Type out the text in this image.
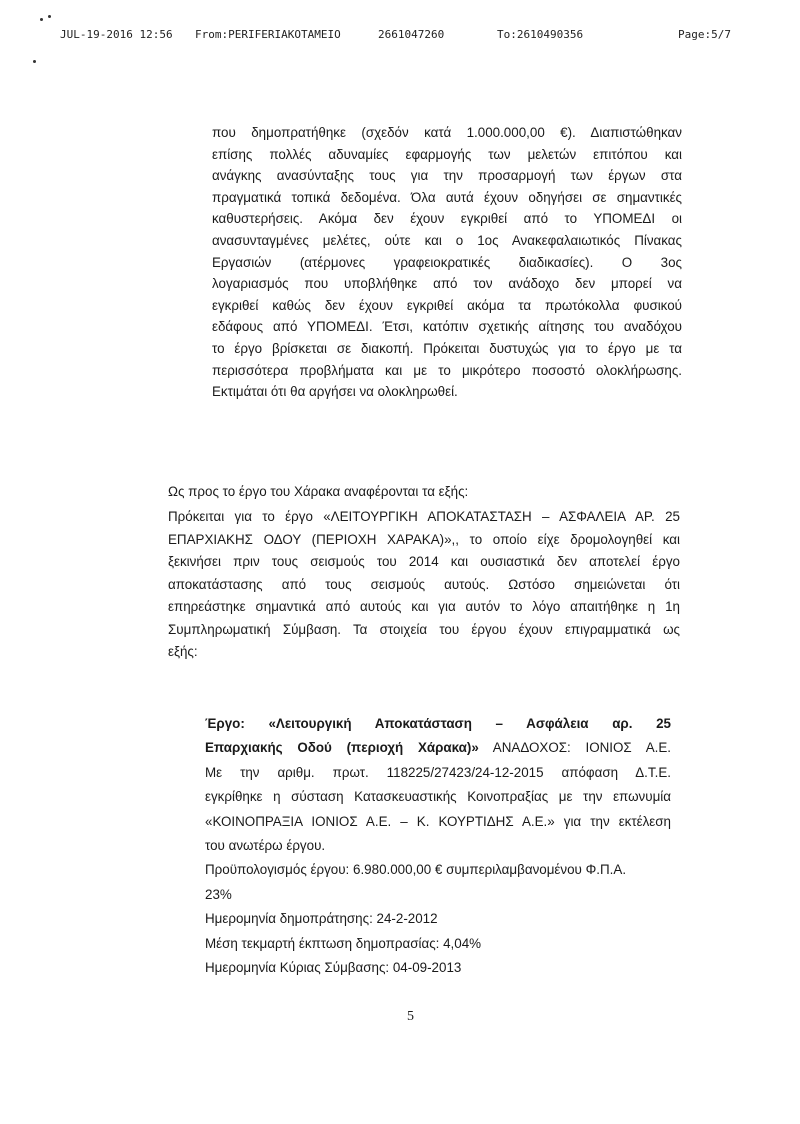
JUL-19-2016 12:56 From:PERIFERIAKOTAMEIO	2661047260	To:2610490356	Page:5/7
που δημοπρατήθηκε (σχεδόν κατά 1.000.000,00 €). Διαπιστώθηκαν
επίσης πολλές αδυναμίες εφαρμογής των μελετών επιτόπου και
ανάγκης ανασύνταξης τους για την προσαρμογή των έργων στα
πραγματικά τοπικά δεδομένα. Όλα αυτά έχουν οδηγήσει σε σημαντικές
καθυστερήσεις. Ακόμα δεν έχουν εγκριθεί από το ΥΠΟΜΕΔΙ οι
ανασυνταγμένες μελέτες, ούτε και ο 1ος Ανακεφαλαιωτικός Πίνακας
Εργασιών (ατέρμονες γραφειοκρατικές διαδικασίες). Ο 3ος
λογαριασμός που υποβλήθηκε από τον ανάδοχο δεν μπορεί να
εγκριθεί καθώς δεν έχουν εγκριθεί ακόμα τα πρωτόκολλα φυσικού
εδάφους από ΥΠΟΜΕΔΙ. Έτσι, κατόπιν σχετικής αίτησης του αναδόχου
το έργο βρίσκεται σε διακοπή. Πρόκειται δυστυχώς για το έργο με τα
περισσότερα προβλήματα και με το μικρότερο ποσοστό ολοκλήρωσης.
Εκτιμάται ότι θα αργήσει να ολοκληρωθεί.
Ως προς το έργο του Χάρακα αναφέρονται τα εξής:
Πρόκειται για το έργο «ΛΕΙΤΟΥΡΓΙΚΗ ΑΠΟΚΑΤΑΣΤΑΣΗ – ΑΣΦΑΛΕΙΑ ΑΡ. 25
ΕΠΑΡΧΙΑΚΗΣ ΟΔΟΥ (ΠΕΡΙΟΧΗ ΧΑΡΑΚΑ)»,, το οποίο είχε δρομολογηθεί και
ξεκινήσει πριν τους σεισμούς του 2014 και ουσιαστικά δεν αποτελεί έργο
αποκατάστασης από τους σεισμούς αυτούς. Ωστόσο σημειώνεται ότι
επηρεάστηκε σημαντικά από αυτούς και για αυτόν το λόγο απαιτήθηκε η 1η
Συμπληρωματική Σύμβαση. Τα στοιχεία του έργου έχουν επιγραμματικά ως
εξής:
Έργο: «Λειτουργική Αποκατάσταση – Ασφάλεια αρ. 25
Επαρχιακής Οδού (περιοχή Χάρακα)» ΑΝΑΔΟΧΟΣ: ΙΟΝΙΟΣ Α.Ε.
Με την αριθμ. πρωτ. 118225/27423/24-12-2015 απόφαση Δ.Τ.Ε.
εγκρίθηκε η σύσταση Κατασκευαστικής Κοινοπραξίας με την επωνυμία
«ΚΟΙΝΟΠΡΑΞΙΑ ΙΟΝΙΟΣ Α.Ε. – Κ. ΚΟΥΡΤΙΔΗΣ Α.Ε.» για την εκτέλεση
του ανωτέρω έργου.
Προϋπολογισμός έργου: 6.980.000,00 € συμπεριλαμβανομένου Φ.Π.Α.
23%
Ημερομηνία δημοπράτησης: 24-2-2012
Μέση τεκμαρτή έκπτωση δημοπρασίας: 4,04%
Ημερομηνία Κύριας Σύμβασης: 04-09-2013
5
